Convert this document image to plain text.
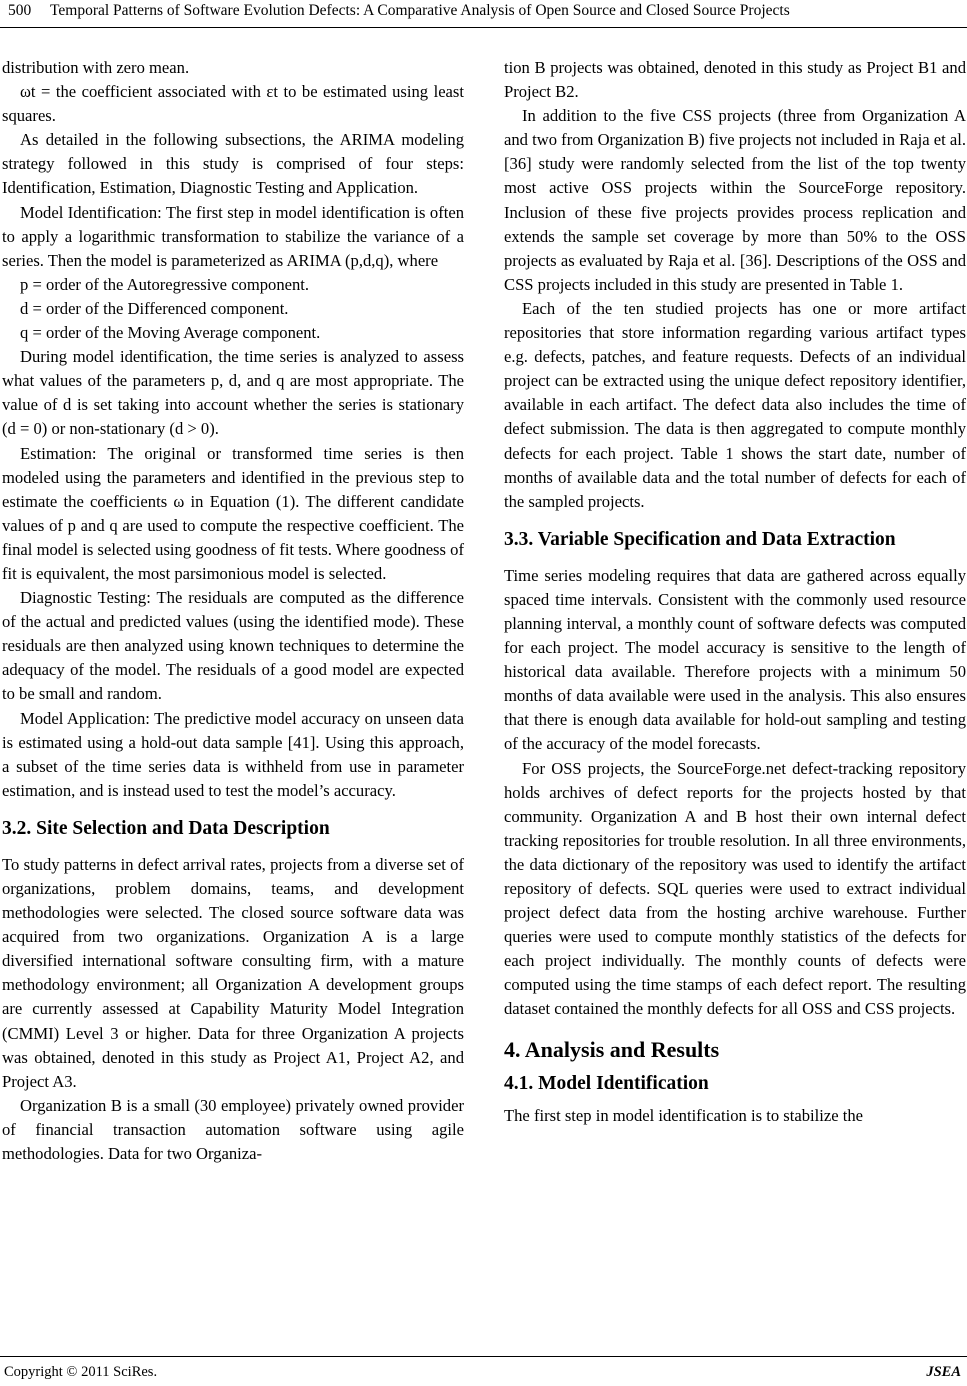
500 Temporal Patterns of Software Evolution Defects: A Comparative Analysis of Open Source and Closed Source Projects

distribution with zero mean.

ωt = the coefficient associated with εt to be estimated using least squares.

As detailed in the following subsections, the ARIMA modeling strategy followed in this study is comprised of four steps: Identification, Estimation, Diagnostic Testing and Application.

Model Identification: The first step in model identification is often to apply a logarithmic transformation to stabilize the variance of a series. Then the model is parameterized as ARIMA (p,d,q), where

p = order of the Autoregressive component.

d = order of the Differenced component.

q = order of the Moving Average component.

During model identification, the time series is analyzed to assess what values of the parameters p, d, and q are most appropriate. The value of d is set taking into account whether the series is stationary (d = 0) or non-stationary (d > 0).

Estimation: The original or transformed time series is then modeled using the parameters and identified in the previous step to estimate the coefficients ω in Equation (1). The different candidate values of p and q are used to compute the respective coefficient. The final model is selected using goodness of fit tests. Where goodness of fit is equivalent, the most parsimonious model is selected.

Diagnostic Testing: The residuals are computed as the difference of the actual and predicted values (using the identified mode). These residuals are then analyzed using known techniques to determine the adequacy of the model. The residuals of a good model are expected to be small and random.

Model Application: The predictive model accuracy on unseen data is estimated using a hold-out data sample [41]. Using this approach, a subset of the time series data is withheld from use in parameter estimation, and is instead used to test the model’s accuracy.

3.2. Site Selection and Data Description

To study patterns in defect arrival rates, projects from a diverse set of organizations, problem domains, teams, and development methodologies were selected. The closed source software data was acquired from two organizations. Organization A is a large diversified international software consulting firm, with a mature methodology environment; all Organization A development groups are currently assessed at Capability Maturity Model Integration (CMMI) Level 3 or higher. Data for three Organization A projects was obtained, denoted in this study as Project A1, Project A2, and Project A3.

Organization B is a small (30 employee) privately owned provider of financial transaction automation software using agile methodologies. Data for two Organiza-

tion B projects was obtained, denoted in this study as Project B1 and Project B2.

In addition to the five CSS projects (three from Organization A and two from Organization B) five projects not included in Raja et al. [36] study were randomly selected from the list of the top twenty most active OSS projects within the SourceForge repository. Inclusion of these five projects provides process replication and extends the sample set coverage by more than 50% to the OSS projects as evaluated by Raja et al. [36]. Descriptions of the OSS and CSS projects included in this study are presented in Table 1.

Each of the ten studied projects has one or more artifact repositories that store information regarding various artifact types e.g. defects, patches, and feature requests. Defects of an individual project can be extracted using the unique defect repository identifier, available in each artifact. The defect data also includes the time of defect submission. The data is then aggregated to compute monthly defects for each project. Table 1 shows the start date, number of months of available data and the total number of defects for each of the sampled projects.

3.3. Variable Specification and Data Extraction

Time series modeling requires that data are gathered across equally spaced time intervals. Consistent with the commonly used resource planning interval, a monthly count of software defects was computed for each project. The model accuracy is sensitive to the length of historical data available. Therefore projects with a minimum 50 months of data available were used in the analysis. This also ensures that there is enough data available for hold-out sampling and testing of the accuracy of the model forecasts.

For OSS projects, the SourceForge.net defect-tracking repository holds archives of defect reports for the projects hosted by that community. Organization A and B host their own internal defect tracking repositories for trouble resolution. In all three environments, the data dictionary of the repository was used to identify the artifact repository of defects. SQL queries were used to extract individual project defect data from the hosting archive warehouse. Further queries were used to compute monthly statistics of the defects for each project individually. The monthly counts of defects were computed using the time stamps of each defect report. The resulting dataset contained the monthly defects for all OSS and CSS projects.

4. Analysis and Results
4.1. Model Identification

The first step in model identification is to stabilize the

Copyright © 2011 SciRes.	JSEA
